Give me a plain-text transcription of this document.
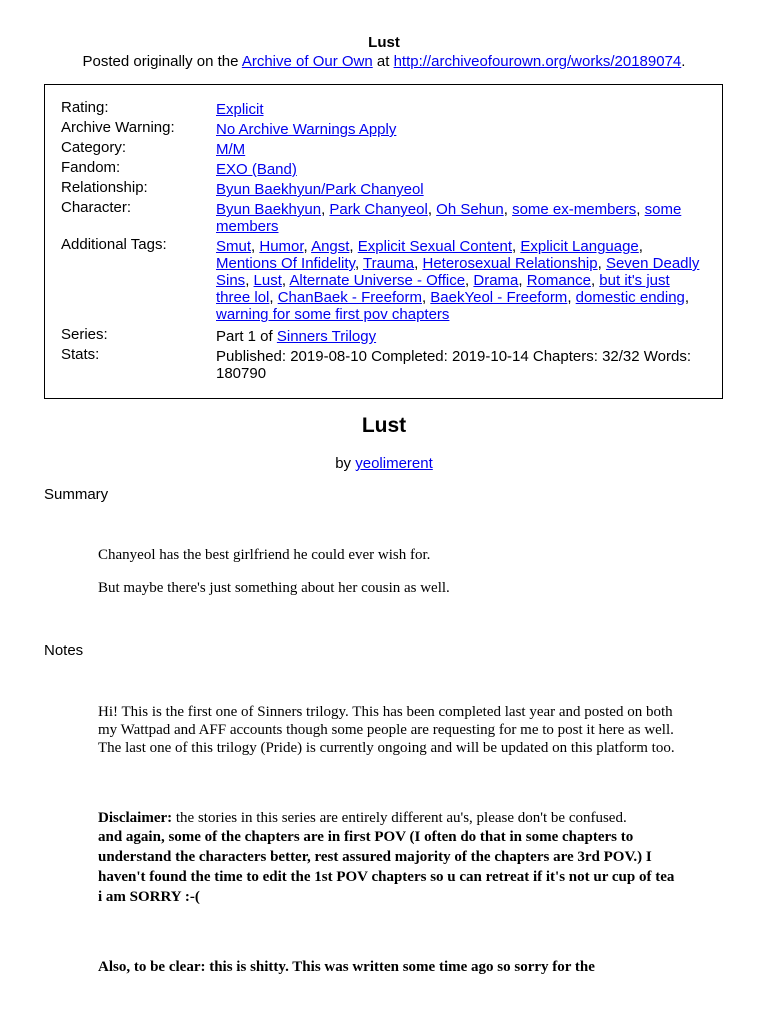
Lust
Posted originally on the Archive of Our Own at http://archiveofourown.org/works/20189074.
Rating:	Explicit
Archive Warning:	No Archive Warnings Apply
Category:	M/M
Fandom:	EXO (Band)
Relationship:	Byun Baekhyun/Park Chanyeol
Character:	Byun Baekhyun, Park Chanyeol, Oh Sehun, some ex-members, some members
Additional Tags:	Smut, Humor, Angst, Explicit Sexual Content, Explicit Language, Mentions Of Infidelity, Trauma, Heterosexual Relationship, Seven Deadly Sins, Lust, Alternate Universe - Office, Drama, Romance, but it's just three lol, ChanBaek - Freeform, BaekYeol - Freeform, domestic ending, warning for some first pov chapters
Series:	Part 1 of Sinners Trilogy
Stats:	Published: 2019-08-10 Completed: 2019-10-14 Chapters: 32/32 Words: 180790
Lust
by yeolimerent
Summary

Chanyeol has the best girlfriend he could ever wish for.

But maybe there's just something about her cousin as well.

Notes

Hi! This is the first one of Sinners trilogy. This has been completed last year and posted on both my Wattpad and AFF accounts though some people are requesting for me to post it here as well. The last one of this trilogy (Pride) is currently ongoing and will be updated on this platform too.

Disclaimer: the stories in this series are entirely different au's, please don't be confused.

and again, some of the chapters are in first POV (I often do that in some chapters to understand the characters better, rest assured majority of the chapters are 3rd POV.) I haven't found the time to edit the 1st POV chapters so u can retreat if it's not ur cup of tea i am SORRY :-(

Also, to be clear: this is shitty. This was written some time ago so sorry for the
